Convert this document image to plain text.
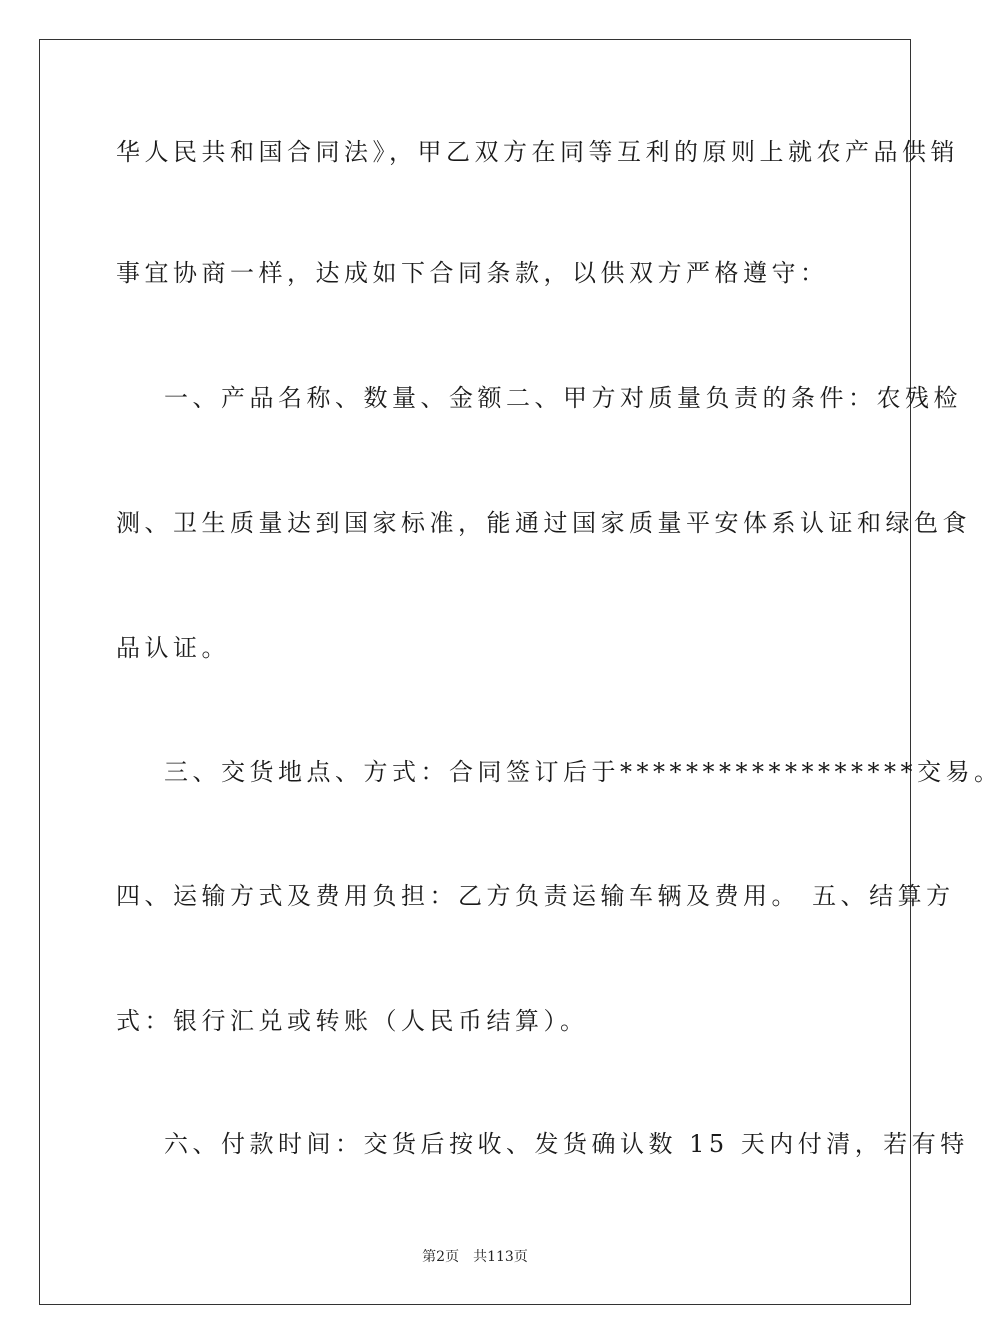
华人民共和国合同法》，甲乙双方在同等互利的原则上就农产品供销
事宜协商一样，达成如下合同条款，以供双方严格遵守：
一、产品名称、数量、金额二、甲方对质量负责的条件：农残检
测、卫生质量达到国家标准，能通过国家质量平安体系认证和绿色食
品认证。
三、交货地点、方式：合同签订后于******************交易。
四、运输方式及费用负担：乙方负责运输车辆及费用。 五、结算方
式：银行汇兑或转账（人民币结算）。
六、付款时间：交货后按收、发货确认数 15 天内付清，若有特
第2页 共113页
